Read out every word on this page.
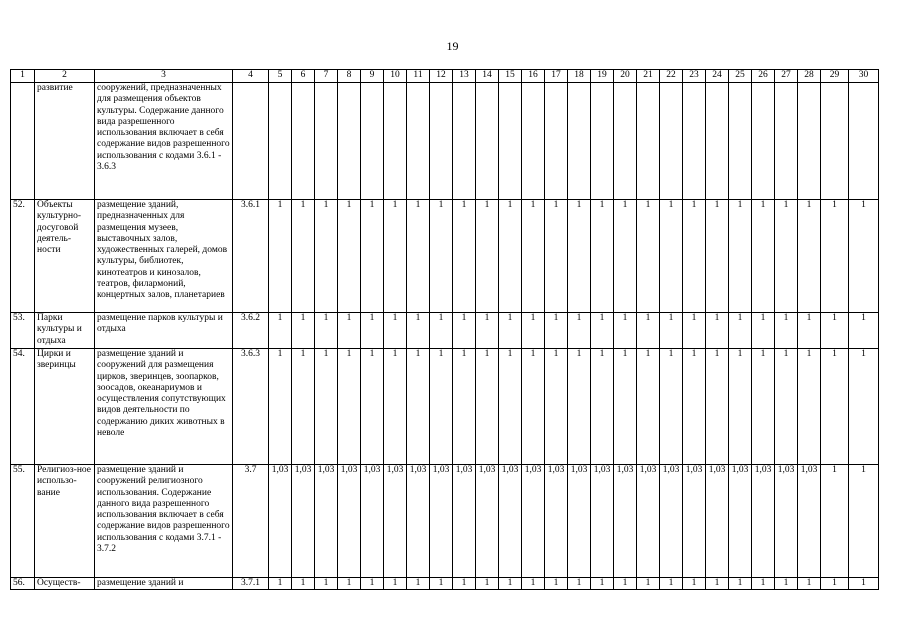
19
1	2	3	4	5	6	7	8	9	10	11	12	13	14	15	16	17	18	19	20	21	22	23	24	25	26	27	28	29	30
	развитие	сооружений, предназначенных для размещения объектов культуры. Содержание данного вида разрешенного использования включает в себя содержание видов разрешенного использования с кодами 3.6.1 - 3.6.3																											
52.	Объекты культурно-досуговой деятель-ности	размещение зданий, предназначенных для размещения музеев, выставочных залов, художественных галерей, домов культуры, библиотек, кинотеатров и кинозалов, театров, филармоний, концертных залов, планетариев	3.6.1	1	1	1	1	1	1	1	1	1	1	1	1	1	1	1	1	1	1	1	1	1	1	1	1	1	1
53.	Парки культуры и отдыха	размещение парков культуры и отдыха	3.6.2	1	1	1	1	1	1	1	1	1	1	1	1	1	1	1	1	1	1	1	1	1	1	1	1	1	1
54.	Цирки и зверинцы	размещение зданий и сооружений для размещения цирков, зверинцев, зоопарков, зоосадов, океанариумов и осуществления сопутствующих видов деятельности по содержанию диких животных в неволе	3.6.3	1	1	1	1	1	1	1	1	1	1	1	1	1	1	1	1	1	1	1	1	1	1	1	1	1	1
55.	Религиоз-ное использо-вание	размещение зданий и сооружений религиозного использования. Содержание данного вида разрешенного использования включает в себя содержание видов разрешенного использования с кодами 3.7.1 - 3.7.2	3.7	1,03	1,03	1,03	1,03	1,03	1,03	1,03	1,03	1,03	1,03	1,03	1,03	1,03	1,03	1,03	1,03	1,03	1,03	1,03	1,03	1,03	1,03	1,03	1,03	1	1
56.	Осуществ-	размещение зданий и	3.7.1	1	1	1	1	1	1	1	1	1	1	1	1	1	1	1	1	1	1	1	1	1	1	1	1	1	1
